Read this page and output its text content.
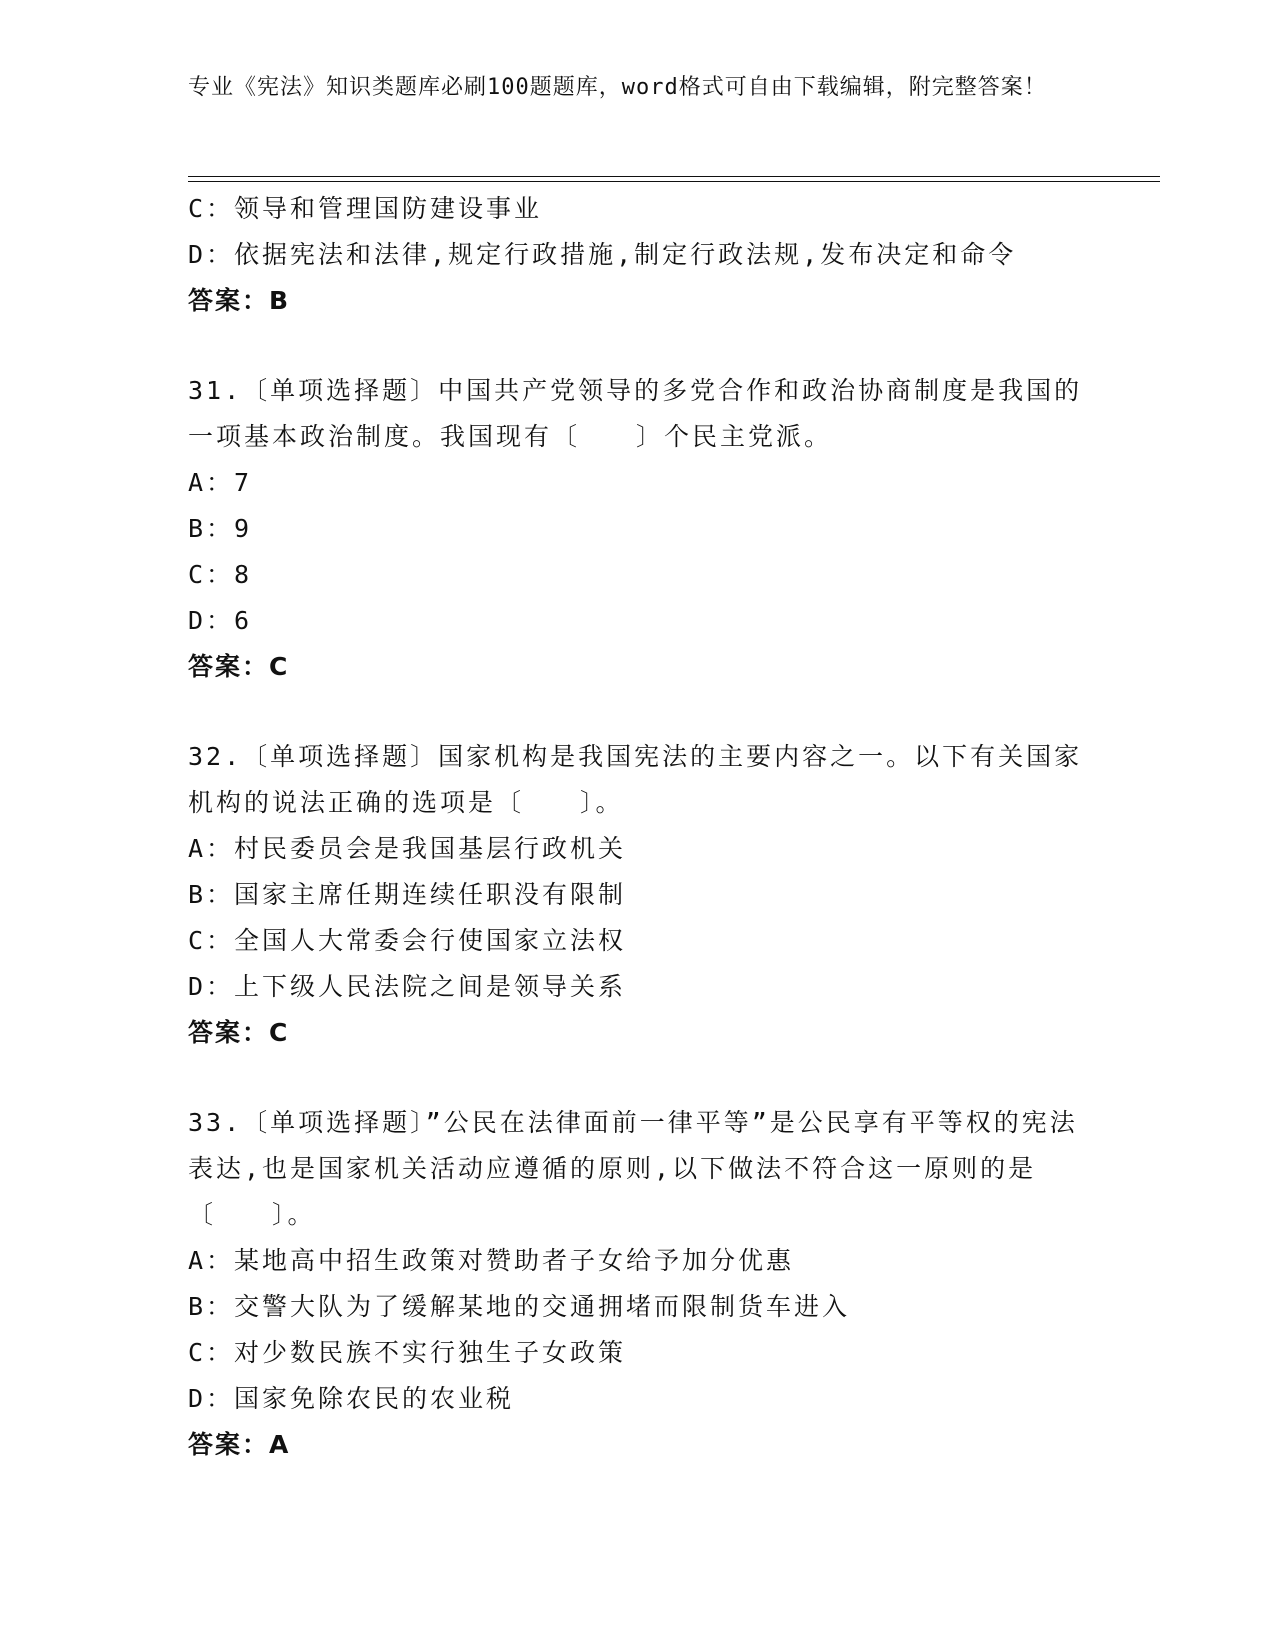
专业《宪法》知识类题库必刷100题题库，word格式可自由下载编辑，附完整答案！
C：领导和管理国防建设事业
D：依据宪法和法律,规定行政措施,制定行政法规,发布决定和命令
答案：B
31.〔单项选择题〕中国共产党领导的多党合作和政治协商制度是我国的一项基本政治制度。我国现有〔　　〕个民主党派。
A：7
B：9
C：8
D：6
答案：C
32.〔单项选择题〕国家机构是我国宪法的主要内容之一。以下有关国家机构的说法正确的选项是〔　　〕。
A：村民委员会是我国基层行政机关
B：国家主席任期连续任职没有限制
C：全国人大常委会行使国家立法权
D：上下级人民法院之间是领导关系
答案：C
33.〔单项选择题〕”公民在法律面前一律平等”是公民享有平等权的宪法表达,也是国家机关活动应遵循的原则,以下做法不符合这一原则的是〔　　〕。
A：某地高中招生政策对赞助者子女给予加分优惠
B：交警大队为了缓解某地的交通拥堵而限制货车进入
C：对少数民族不实行独生子女政策
D：国家免除农民的农业税
答案：A
